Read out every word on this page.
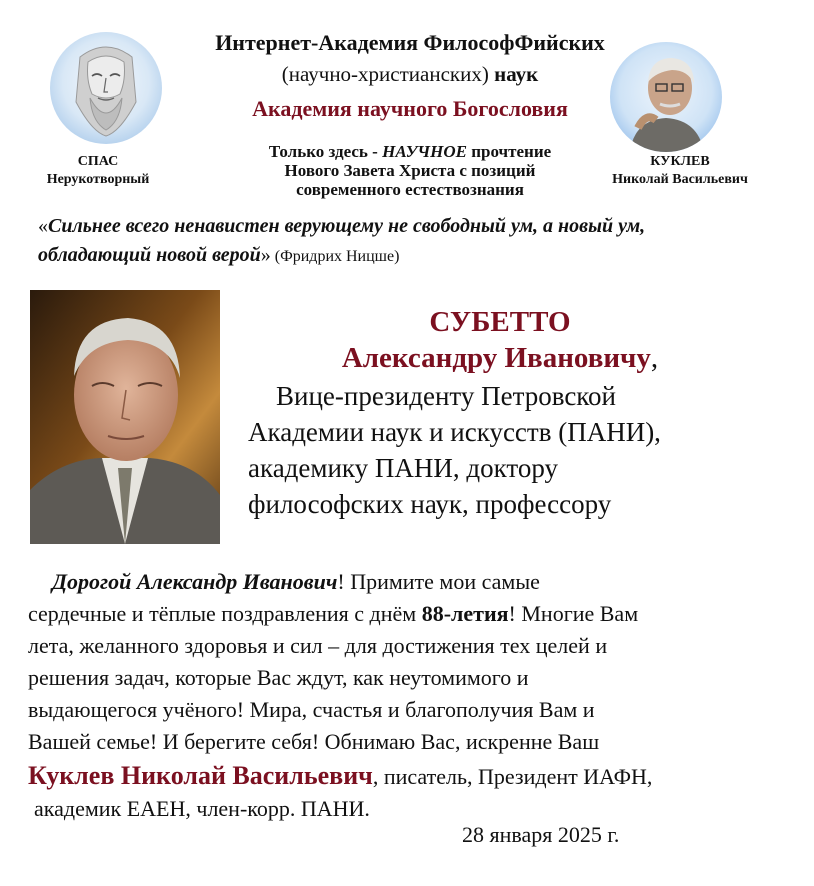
Интернет-Академия ФилософФийских
(научно-христианских) наук
Академия научного Богословия
Только здесь - НАУЧНОЕ прочтение
Нового Завета Христа с позиций
современного естествознания
СПАС
Нерукотворный
КУКЛЕВ
Николай Васильевич
«Сильнее всего ненавистен верующему не свободный ум, а новый ум,
обладающий новой верой» (Фридрих Ницше)
СУБЕТТО
Александру Ивановичу,
Вице-президенту Петровской
Академии наук и искусств (ПАНИ),
академику ПАНИ, доктору
философских наук, профессору
Дорогой Александр Иванович! Примите мои самые
сердечные и тёплые поздравления с днём 88-летия! Многие Вам
лета, желанного здоровья и сил – для достижения тех целей и
решения задач, которые Вас ждут, как неутомимого и
выдающегося учёного! Мира, счастья и благополучия Вам и
Вашей семье! И берегите себя! Обнимаю Вас, искренне Ваш
Куклев Николай Васильевич, писатель, Президент ИАФН,
академик ЕАЕН, член-корр. ПАНИ.
28 января 2025 г.
